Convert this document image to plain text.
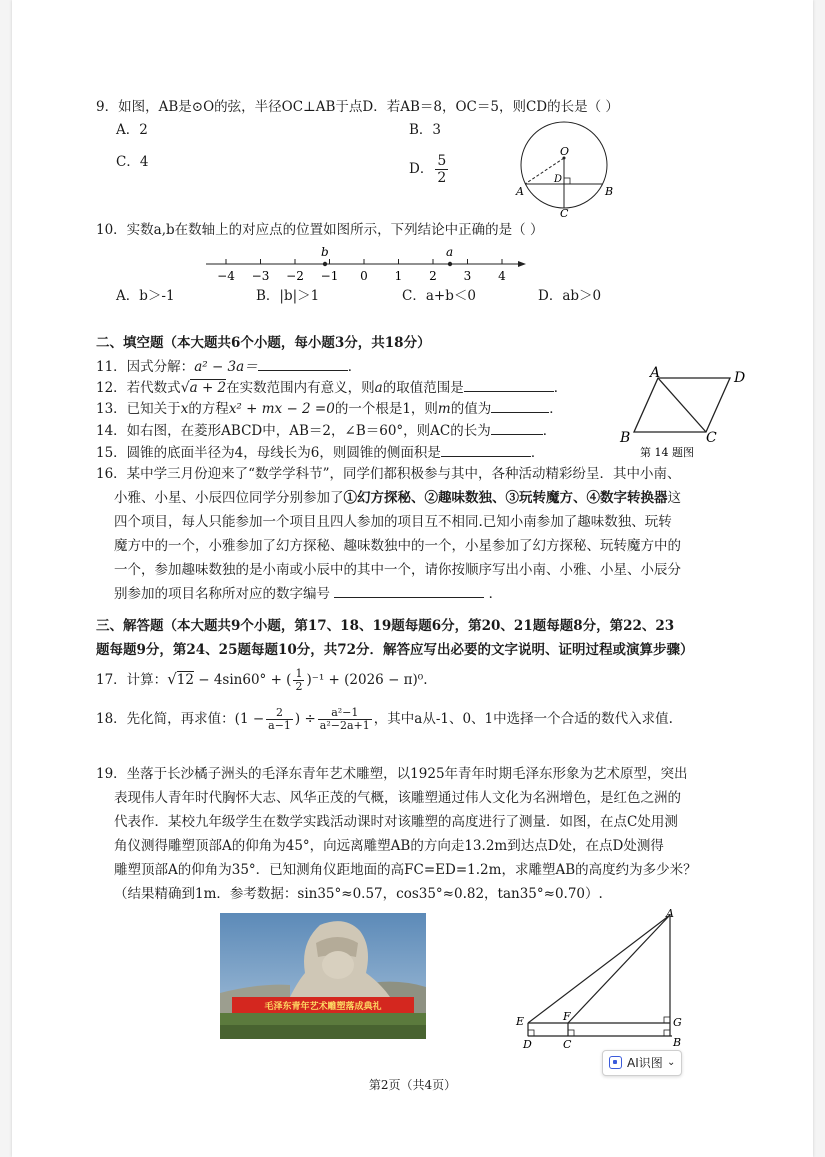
9．如图，AB是⊙O的弦，半径OC⊥AB于点D．若AB＝8，OC＝5，则CD的长是（ ）
A．2	B．3
C．4	D． $\frac{5}{2}$
O
A	B
C
D
10．实数a,b在数轴上的对应点的位置如图所示，下列结论中正确的是（ ）
−4 −3 −2 −1 0 1 2 3 4
b	a
A．b＞-1	B．|b|＞1	C．a+b＜0	D．ab＞0
二、填空题（本大题共6个小题，每小题3分，共18分）
11．因式分解：a² − 3a＝	．
12．若代数式√a + 2在实数范围内有意义，则a的取值范围是	．
13．已知关于x的方程x² + mx − 2 =0的一个根是1，则m的值为	．
14．如右图，在菱形ABCD中，AB＝2，∠B＝60°，则AC的长为	．
15．圆锥的底面半径为4，母线长为6，则圆锥的侧面积是	．
A	D
B	C
第 14 题图
16．某中学三月份迎来了“数学学科节”，同学们都积极参与其中，各种活动精彩纷呈．其中小南、
小雅、小星、小辰四位同学分别参加了①幻方探秘、②趣味数独、③玩转魔方、④数字转换器这
四个项目，每人只能参加一个项目且四人参加的项目互不相同.已知小南参加了趣味数独、玩转
魔方中的一个，小雅参加了幻方探秘、趣味数独中的一个，小星参加了幻方探秘、玩转魔方中的
一个，参加趣味数独的是小南或小辰中的其中一个，请你按顺序写出小南、小雅、小星、小辰分
别参加的项目名称所对应的数字编号	．
三、解答题（本大题共9个小题，第17、18、19题每题6分，第20、21题每题8分，第22、23
题每题9分，第24、25题每题10分，共72分．解答应写出必要的文字说明、证明过程或演算步骤）
17．计算：√12 − 4sin60° + ( $\frac{1}{2} )^{-1} + (2026 - \pi)^0$.
18．先化简，再求值：($1 - \frac{2}{a-1}$ ) ÷ $\frac{\text{a²−1}}{\text{a²−2a+1}}$ ，其中a从-1、0、1中选择一个合适的数代入求值.
19．坐落于长沙橘子洲头的毛泽东青年艺术雕塑，以1925年青年时期毛泽东形象为艺术原型，突出
表现伟人青年时代胸怀大志、风华正茂的气概，该雕塑通过伟人文化为名洲增色，是红色之洲的
代表作．某校九年级学生在数学实践活动课时对该雕塑的高度进行了测量．如图，在点C处用测
角仪测得雕塑顶部A的仰角为45°，向远离雕塑AB的方向走13.2m到达点D处，在点D处测得
雕塑顶部A的仰角为35°．已知测角仪距地面的高FC=ED=1.2m，求雕塑AB的高度约为多少米？
（结果精确到1m．参考数据：sin35°≈0.57，cos35°≈0.82，tan35°≈0.70）.
毛泽东青年艺术雕塑落成典礼
A
B
G
E	F
D	C
AI识图 ⌄
第2页（共4页）
